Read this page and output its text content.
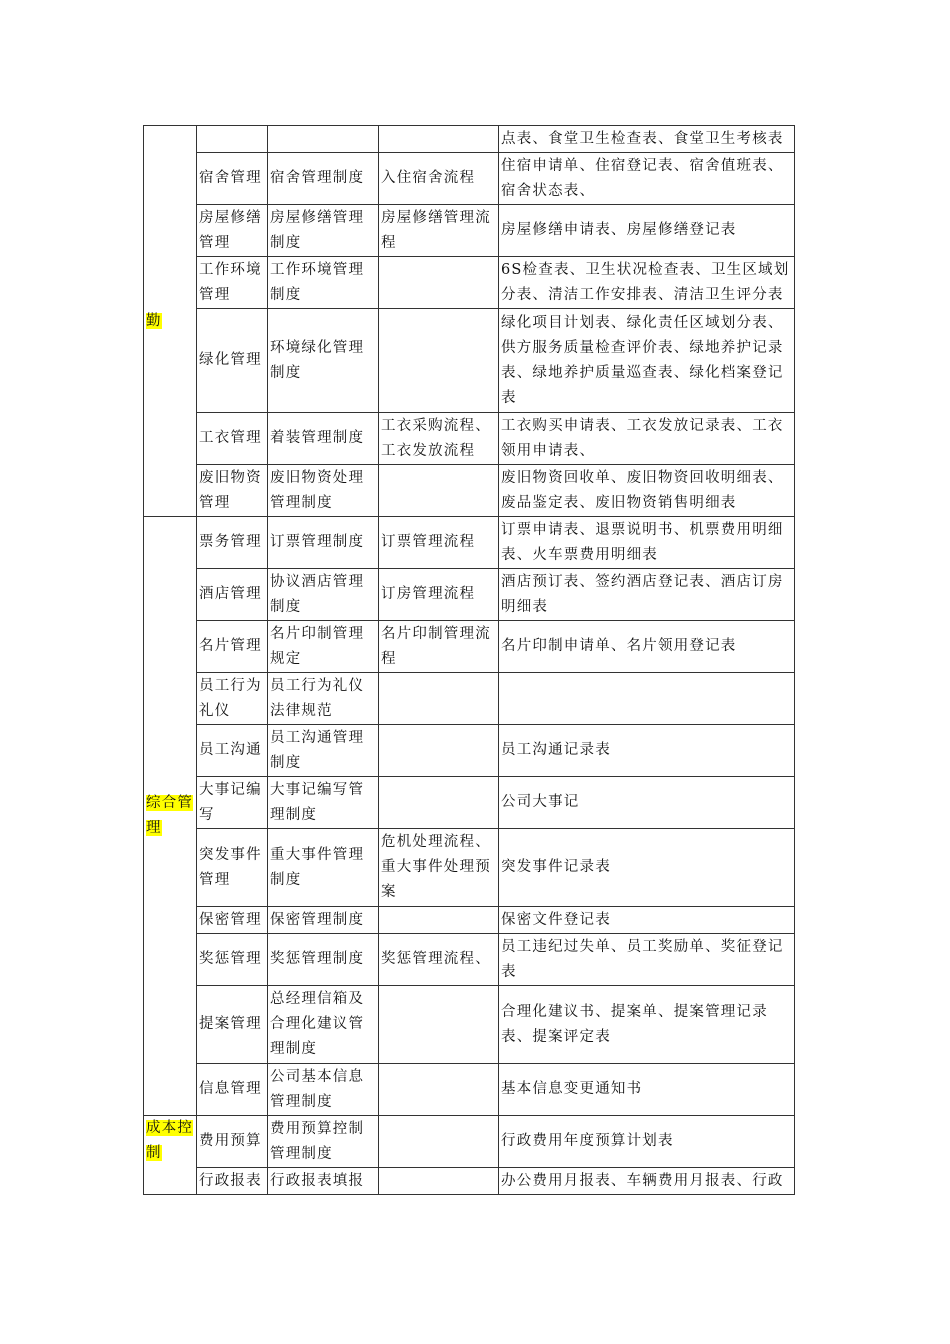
勤				点表、食堂卫生检查表、食堂卫生考核表
	宿舍管理	宿舍管理制度	入住宿舍流程	住宿申请单、住宿登记表、宿舍值班表、宿舍状态表、
	房屋修缮管理	房屋修缮管理制度	房屋修缮管理流程	房屋修缮申请表、房屋修缮登记表
	工作环境管理	工作环境管理制度		6S检查表、卫生状况检查表、卫生区域划分表、清洁工作安排表、清洁卫生评分表
	绿化管理	环境绿化管理制度		绿化项目计划表、绿化责任区域划分表、供方服务质量检查评价表、绿地养护记录表、绿地养护质量巡查表、绿化档案登记表
	工衣管理	着装管理制度	工衣采购流程、工衣发放流程	工衣购买申请表、工衣发放记录表、工衣领用申请表、
	废旧物资管理	废旧物资处理管理制度		废旧物资回收单、废旧物资回收明细表、废品鉴定表、废旧物资销售明细表
综合管理	票务管理	订票管理制度	订票管理流程	订票申请表、退票说明书、机票费用明细表、火车票费用明细表
	酒店管理	协议酒店管理制度	订房管理流程	酒店预订表、签约酒店登记表、酒店订房明细表
	名片管理	名片印制管理规定	名片印制管理流程	名片印制申请单、名片领用登记表
	员工行为礼仪	员工行为礼仪法律规范		
	员工沟通	员工沟通管理制度		员工沟通记录表
	大事记编写	大事记编写管理制度		公司大事记
	突发事件管理	重大事件管理制度	危机处理流程、重大事件处理预案	突发事件记录表
	保密管理	保密管理制度		保密文件登记表
	奖惩管理	奖惩管理制度	奖惩管理流程、	员工违纪过失单、员工奖励单、奖征登记表
	提案管理	总经理信箱及合理化建议管理制度		合理化建议书、提案单、提案管理记录表、提案评定表
	信息管理	公司基本信息管理制度		基本信息变更通知书
成本控制	费用预算	费用预算控制管理制度		行政费用年度预算计划表
	行政报表	行政报表填报		办公费用月报表、车辆费用月报表、行政
